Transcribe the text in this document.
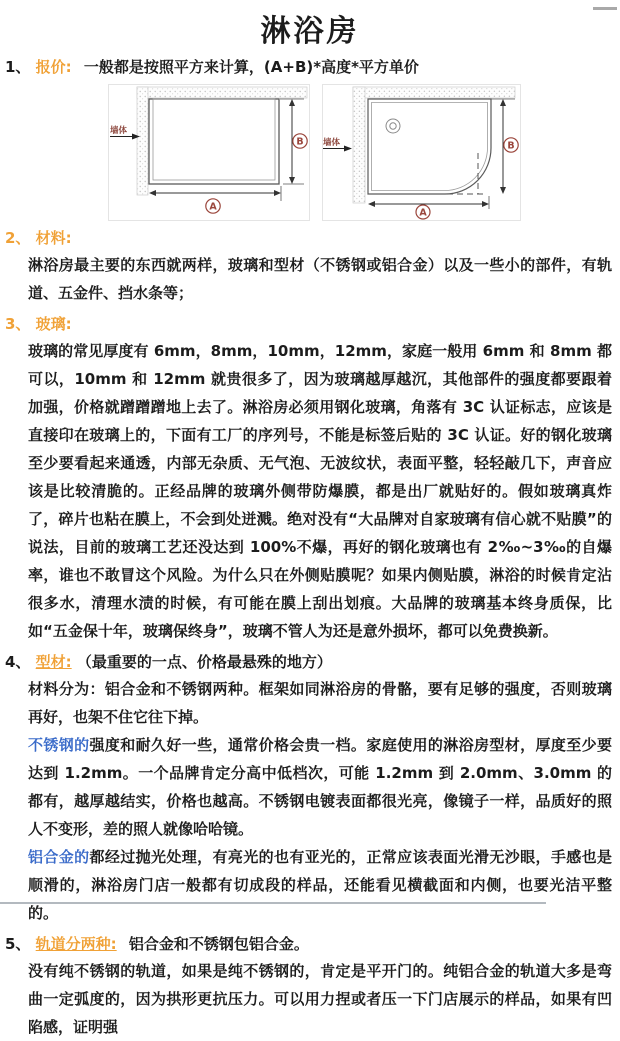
淋浴房
1、 报价: 一般都是按照平方来计算，(A+B)*高度*平方单价
B
A
墙体
B
A
墙体
2、 材料:
淋浴房最主要的东西就两样，玻璃和型材（不锈钢或铝合金）以及一些小的部件，有轨道、五金件、挡水条等；
3、 玻璃:
玻璃的常见厚度有 6mm，8mm，10mm，12mm，家庭一般用 6mm 和 8mm 都可以，10mm 和 12mm 就贵很多了，因为玻璃越厚越沉，其他部件的强度都要跟着加强，价格就蹭蹭蹭地上去了。淋浴房必须用钢化玻璃，角落有 3C 认证标志，应该是直接印在玻璃上的，下面有工厂的序列号，不能是标签后贴的 3C 认证。好的钢化玻璃至少要看起来通透，内部无杂质、无气泡、无波纹状，表面平整，轻轻敲几下，声音应该是比较清脆的。正经品牌的玻璃外侧带防爆膜，都是出厂就贴好的。假如玻璃真炸了，碎片也粘在膜上，不会到处迸溅。绝对没有“大品牌对自家玻璃有信心就不贴膜”的说法，目前的玻璃工艺还没达到 100%不爆，再好的钢化玻璃也有 2‰~3‰的自爆率，谁也不敢冒这个风险。为什么只在外侧贴膜呢？如果内侧贴膜，淋浴的时候肯定沾很多水，清理水渍的时候，有可能在膜上刮出划痕。大品牌的玻璃基本终身质保，比如“五金保十年，玻璃保终身”，玻璃不管人为还是意外损坏，都可以免费换新。
4、 型材: （最重要的一点、价格最悬殊的地方）
材料分为：铝合金和不锈钢两种。框架如同淋浴房的骨骼，要有足够的强度，否则玻璃再好，也架不住它往下掉。
不锈钢的强度和耐久好一些，通常价格会贵一档。家庭使用的淋浴房型材，厚度至少要达到 1.2mm。一个品牌肯定分高中低档次，可能 1.2mm 到 2.0mm、3.0mm 的都有，越厚越结实，价格也越高。不锈钢电镀表面都很光亮，像镜子一样，品质好的照人不变形，差的照人就像哈哈镜。
铝合金的都经过抛光处理，有亮光的也有亚光的，正常应该表面光滑无沙眼，手感也是顺滑的，淋浴房门店一般都有切成段的样品，还能看见横截面和内侧，也要光洁平整的。
5、 轨道分两种: 铝合金和不锈钢包铝合金。
没有纯不锈钢的轨道，如果是纯不锈钢的，肯定是平开门的。纯铝合金的轨道大多是弯曲一定弧度的，因为拱形更抗压力。可以用力捏或者压一下门店展示的样品，如果有凹陷感，证明强
